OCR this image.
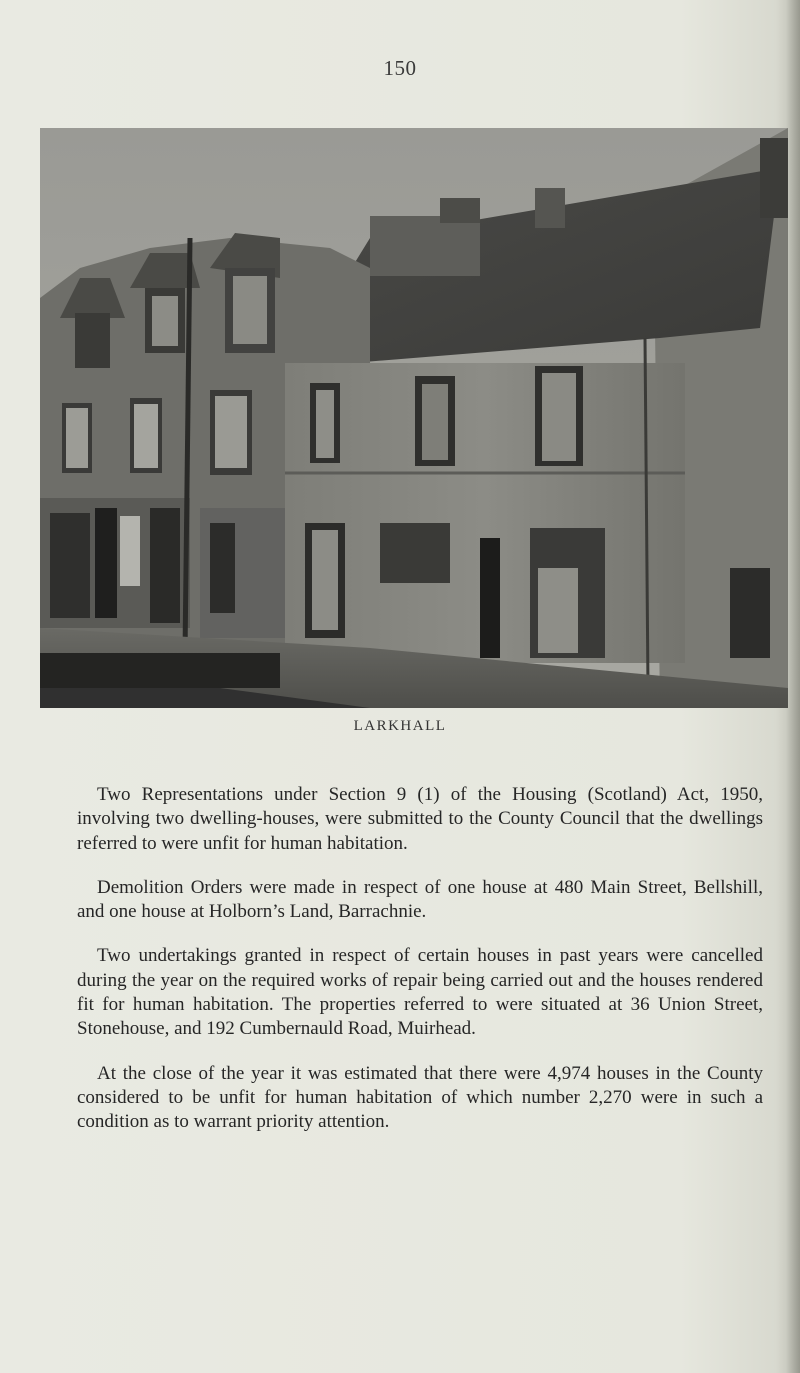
150
LARKHALL

Two Representations under Section 9 (1) of the Housing (Scotland) Act, 1950, involving two dwelling-houses, were submitted to the County Council that the dwellings referred to were unfit for human habitation.

Demolition Orders were made in respect of one house at 480 Main Street, Bellshill, and one house at Holborn’s Land, Barrachnie.

Two undertakings granted in respect of certain houses in past years were cancelled during the year on the required works of repair being carried out and the houses rendered fit for human habitation. The properties referred to were situated at 36 Union Street, Stonehouse, and 192 Cumbernauld Road, Muirhead.

At the close of the year it was estimated that there were 4,974 houses in the County considered to be unfit for human habitation of which number 2,270 were in such a condition as to warrant priority attention.
